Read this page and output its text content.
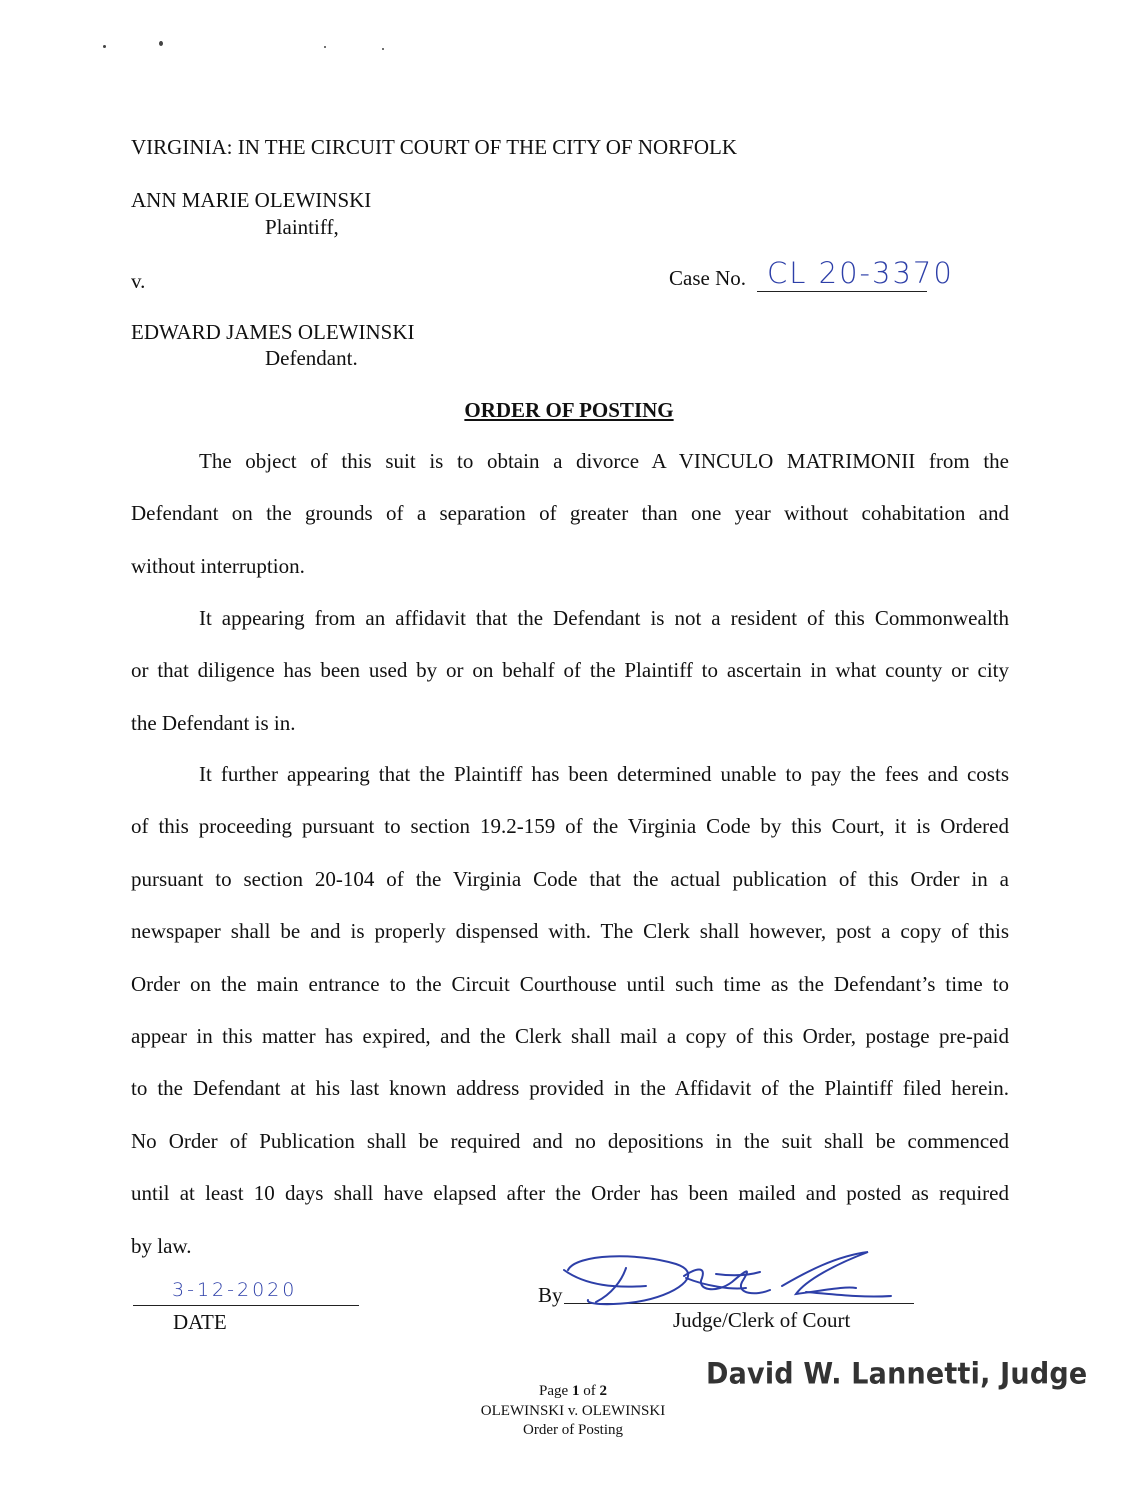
VIRGINIA: IN THE CIRCUIT COURT OF THE CITY OF NORFOLK
ANN MARIE OLEWINSKI
Plaintiff,
v.	Case No. CL 20-3370
EDWARD JAMES OLEWINSKI
Defendant.
ORDER OF POSTING
The object of this suit is to obtain a divorce A VINCULO MATRIMONII from the
Defendant on the grounds of a separation of greater than one year without cohabitation and
without interruption.
It appearing from an affidavit that the Defendant is not a resident of this Commonwealth
or that diligence has been used by or on behalf of the Plaintiff to ascertain in what county or city
the Defendant is in.
It further appearing that the Plaintiff has been determined unable to pay the fees and costs
of this proceeding pursuant to section 19.2-159 of the Virginia Code by this Court, it is Ordered
pursuant to section 20-104 of the Virginia Code that the actual publication of this Order in a
newspaper shall be and is properly dispensed with. The Clerk shall however, post a copy of this
Order on the main entrance to the Circuit Courthouse until such time as the Defendant’s time to
appear in this matter has expired, and the Clerk shall mail a copy of this Order, postage pre-paid
to the Defendant at his last known address provided in the Affidavit of the Plaintiff filed herein.
No Order of Publication shall be required and no depositions in the suit shall be commenced
until at least 10 days shall have elapsed after the Order has been mailed and posted as required
by law.
3-12-2020
DATE
By
Judge/Clerk of Court
David W. Lannetti, Judge
Page 1 of 2
OLEWINSKI v. OLEWINSKI
Order of Posting
